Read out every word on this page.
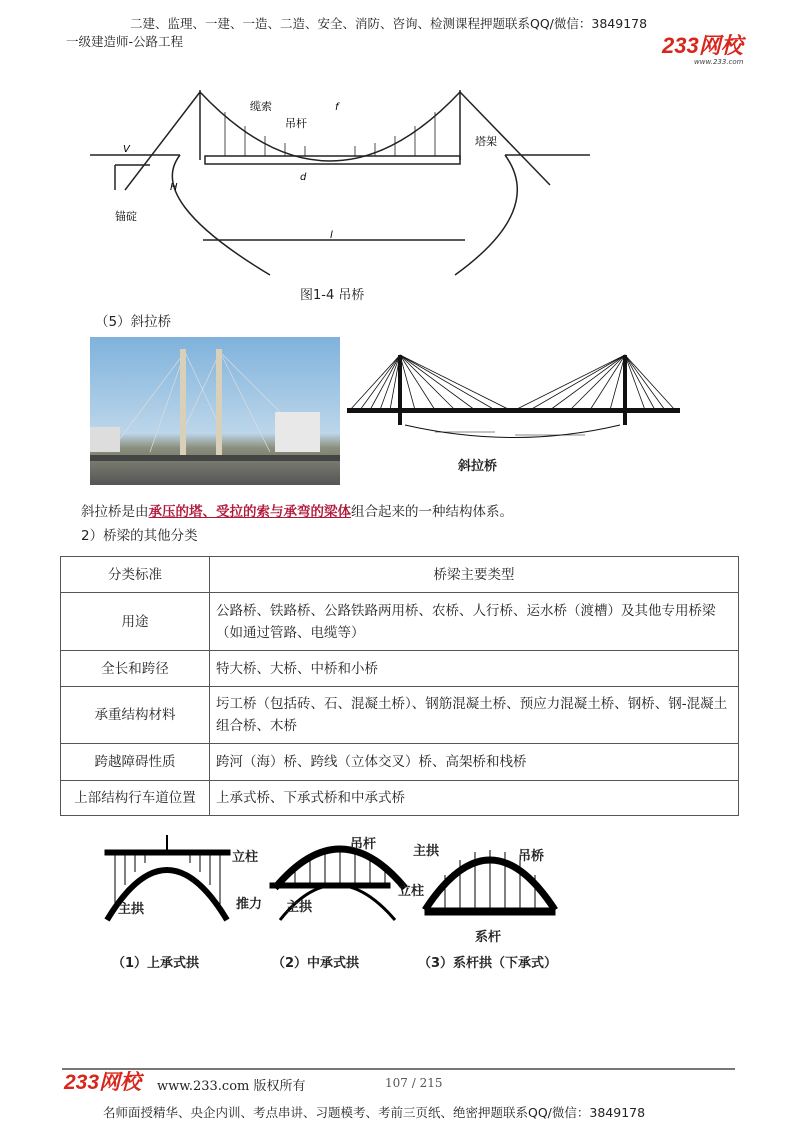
二建、监理、一建、一造、二造、安全、消防、咨询、检测课程押题联系QQ/微信：3849178
一级建造师-公路工程	233网校
www.233.com
缆索
吊杆
塔架
锚碇
V
H
d
l
f
图1-4 吊桥
（5）斜拉桥
斜拉桥
斜拉桥是由承压的塔、受拉的索与承弯的梁体组合起来的一种结构体系。
2）桥梁的其他分类
分类标准	桥梁主要类型
用途	公路桥、铁路桥、公路铁路两用桥、农桥、人行桥、运水桥（渡槽）及其他专用桥梁（如通过管路、电缆等）
全长和跨径	特大桥、大桥、中桥和小桥
承重结构材料	圬工桥（包括砖、石、混凝土桥）、钢筋混凝土桥、预应力混凝土桥、钢桥、钢-混凝土组合桥、木桥
跨越障碍性质	跨河（海）桥、跨线（立体交叉）桥、高架桥和栈桥
上部结构行车道位置	上承式桥、下承式桥和中承式桥
立柱
主拱
吊杆
立柱
推力 主拱
主拱	吊桥
系杆
（1）上承式拱	（2）中承式拱	（3）系杆拱（下承式）
233网校 www.233.com 版权所有	107 / 215
名师面授精华、央企内训、考点串讲、习题模考、考前三页纸、绝密押题联系QQ/微信：3849178
